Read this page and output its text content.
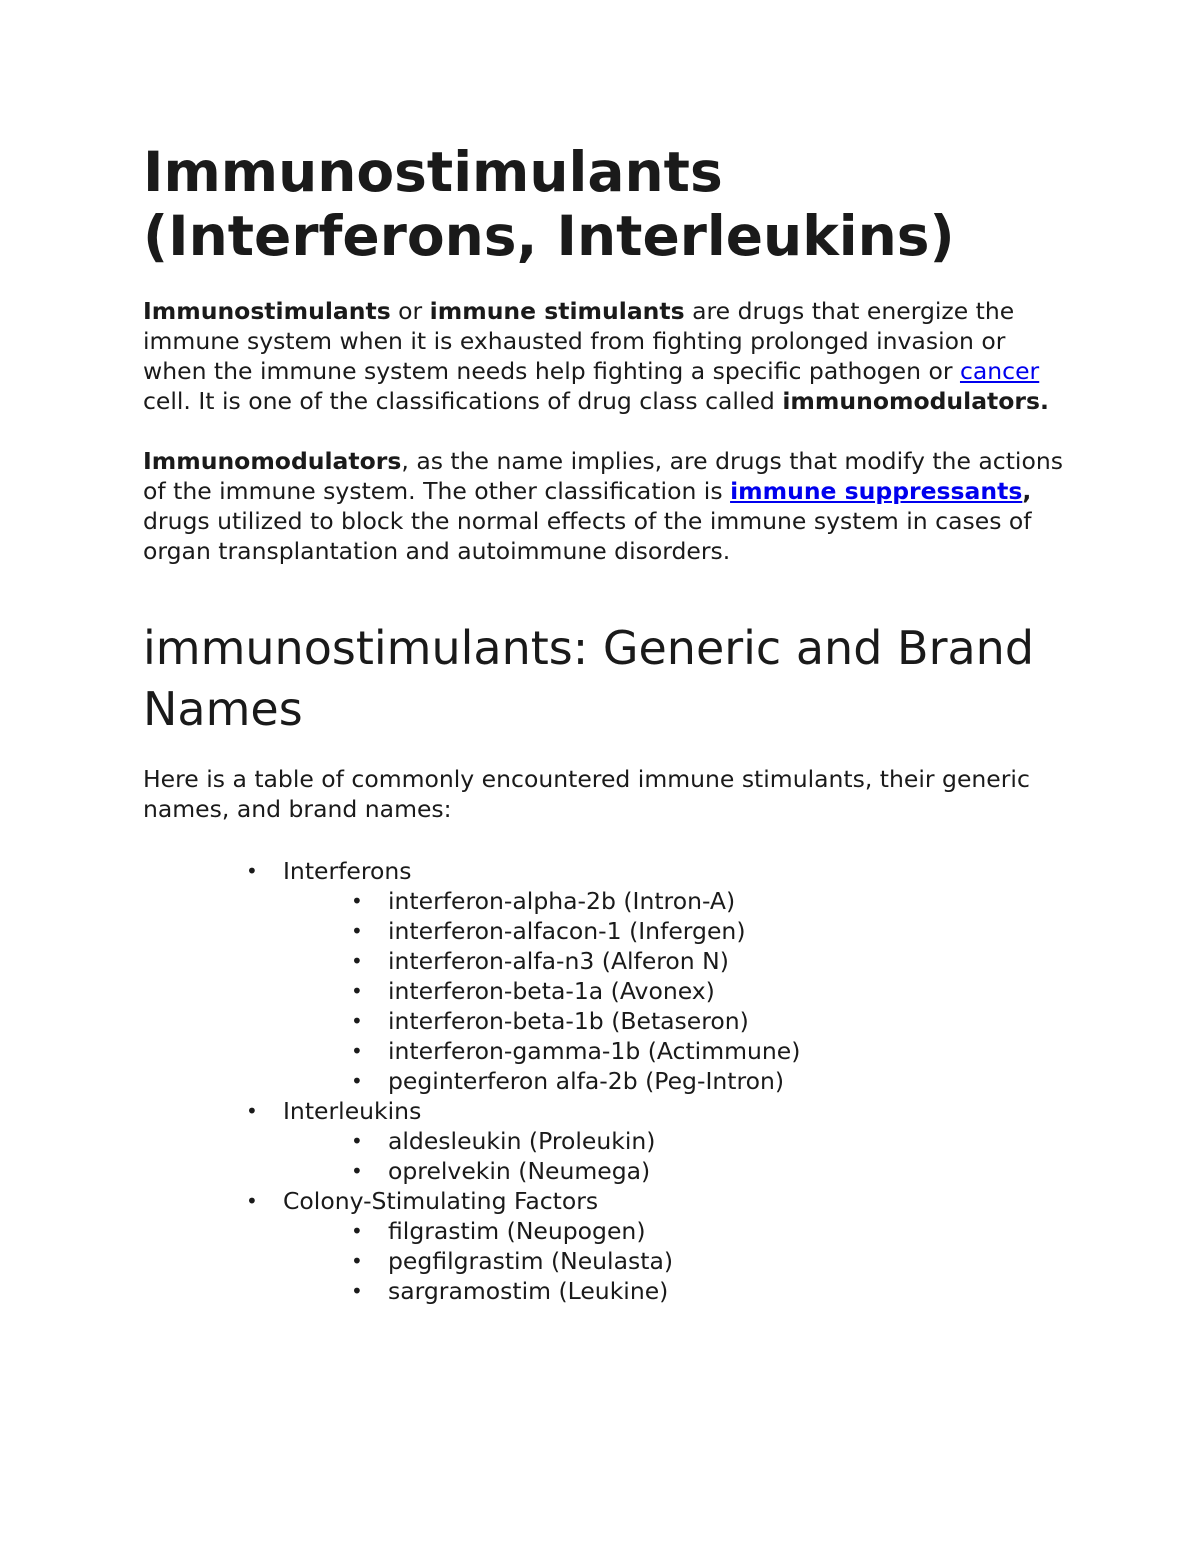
Immunostimulants
(Interferons, Interleukins)

Immunostimulants or immune stimulants are drugs that energize the immune system when it is exhausted from fighting prolonged invasion or when the immune system needs help fighting a specific pathogen or cancer cell. It is one of the classifications of drug class called immunomodulators.

Immunomodulators, as the name implies, are drugs that modify the actions of the immune system. The other classification is immune suppressants, drugs utilized to block the normal effects of the immune system in cases of organ transplantation and autoimmune disorders.

immunostimulants: Generic and Brand Names

Here is a table of commonly encountered immune stimulants, their generic names, and brand names:

• Interferons
• interferon-alpha-2b (Intron-A)
• interferon-alfacon-1 (Infergen)
• interferon-alfa-n3 (Alferon N)
• interferon-beta-1a (Avonex)
• interferon-beta-1b (Betaseron)
• interferon-gamma-1b (Actimmune)
• peginterferon alfa-2b (Peg-Intron)
• Interleukins
• aldesleukin (Proleukin)
• oprelvekin (Neumega)
• Colony-Stimulating Factors
• filgrastim (Neupogen)
• pegfilgrastim (Neulasta)
• sargramostim (Leukine)
